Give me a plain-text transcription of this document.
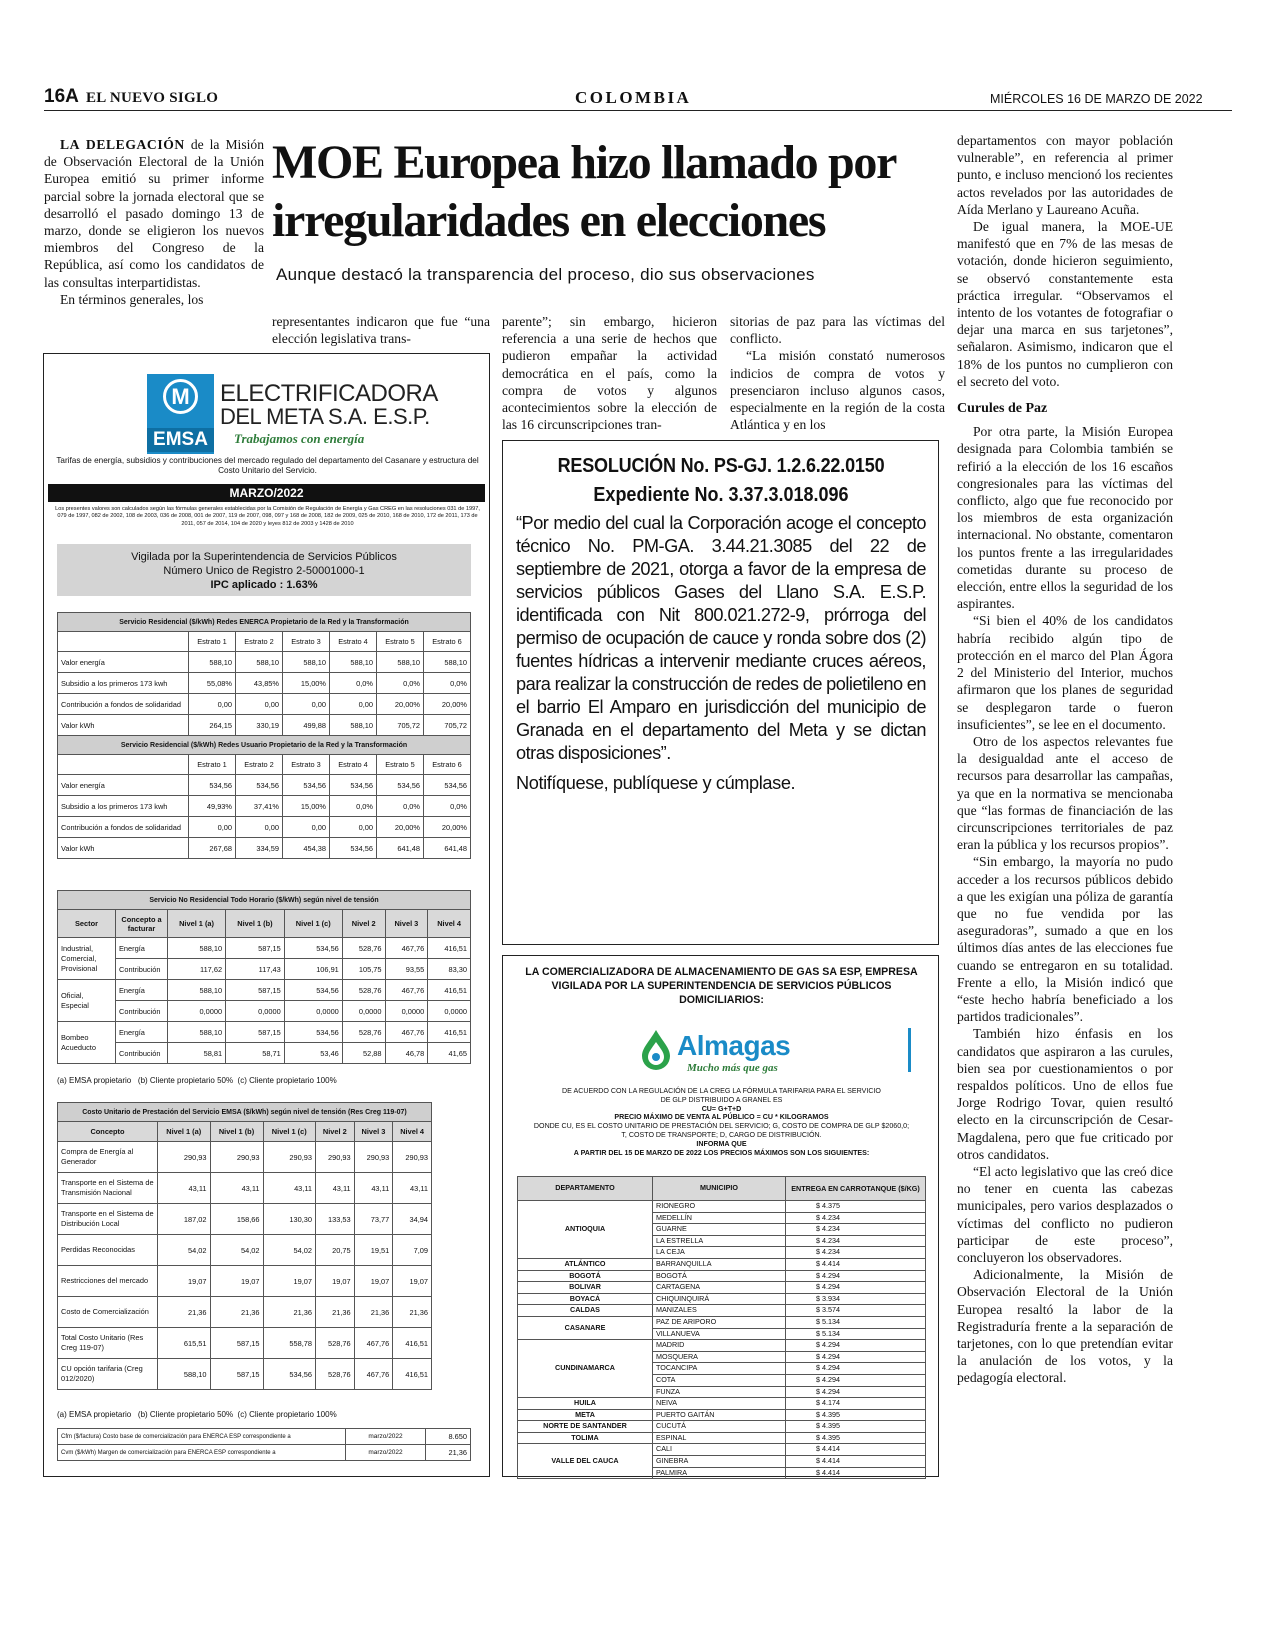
16A EL NUEVO SIGLO	COLOMBIA	MIÉRCOLES 16 DE MARZO DE 2022

LA DELEGACIÓN de la Misión de Observación Electoral de la Unión Europea emitió su primer informe parcial sobre la jornada electoral que se desarrolló el pasado domingo 13 de marzo, donde se eligieron los nuevos miembros del Congreso de la República, así como los candidatos de las consultas interpartidistas.

En términos generales, los

MOE Europea hizo llamado por
irregularidades en elecciones
Aunque destacó la transparencia del proceso, dio sus observaciones

representantes indicaron que fue “una elección legislativa trans-

parente”; sin embargo, hicieron referencia a una serie de hechos que pudieron empañar la actividad democrática en el país, como la compra de votos y algunos acontecimientos sobre la elección de las 16 circunscripciones tran-

sitorias de paz para las víctimas del conflicto.

“La misión constató numerosos indicios de compra de votos y presenciaron incluso algunos casos, especialmente en la región de la costa Atlántica y en los

departamentos con mayor población vulnerable”, en referencia al primer punto, e incluso mencionó los recientes actos revelados por las autoridades de Aída Merlano y Laureano Acuña.

De igual manera, la MOE-UE manifestó que en 7% de las mesas de votación, donde hicieron seguimiento, se observó constantemente esta práctica irregular. “Observamos el intento de los votantes de fotografiar o dejar una marca en sus tarjetones”, señalaron. Asimismo, indicaron que el 18% de los puntos no cumplieron con el secreto del voto.

Curules de Paz

Por otra parte, la Misión Europea designada para Colombia también se refirió a la elección de los 16 escaños congresionales para las víctimas del conflicto, algo que fue reconocido por los miembros de esta organización internacional. No obstante, comentaron los puntos frente a las irregularidades cometidas durante su proceso de elección, entre ellos la seguridad de los aspirantes.

“Si bien el 40% de los candidatos habría recibido algún tipo de protección en el marco del Plan Ágora 2 del Ministerio del Interior, muchos afirmaron que los planes de seguridad se desplegaron tarde o fueron insuficientes”, se lee en el documento.

Otro de los aspectos relevantes fue la desigualdad ante el acceso de recursos para desarrollar las campañas, ya que en la normativa se mencionaba que “las formas de financiación de las circunscripciones territoriales de paz eran la pública y los recursos propios”.

“Sin embargo, la mayoría no pudo acceder a los recursos públicos debido a que les exigían una póliza de garantía que no fue vendida por las aseguradoras”, sumado a que en los últimos días antes de las elecciones fue cuando se entregaron en su totalidad. Frente a ello, la Misión indicó que “este hecho habría beneficiado a los partidos tradicionales”.

También hizo énfasis en los candidatos que aspiraron a las curules, bien sea por cuestionamientos o por respaldos políticos. Uno de ellos fue Jorge Rodrigo Tovar, quien resultó electo en la circunscripción de Cesar-Magdalena, pero que fue criticado por otros candidatos.

“El acto legislativo que las creó dice no tener en cuenta las cabezas municipales, pero varios desplazados o víctimas del conflicto no pudieron participar de este proceso”, concluyeron los observadores.

Adicionalmente, la Misión de Observación Electoral de la Unión Europea resaltó la labor de la Registraduría frente a la separación de tarjetones, con lo que pretendían evitar la anulación de los votos, y la pedagogía electoral.

M
EMSA
ELECTRIFICADORA
DEL META S.A. E.S.P.
Trabajamos con energía
Tarifas de energía, subsidios y contribuciones del mercado regulado del departamento del Casanare y estructura del Costo Unitario del Servicio.
MARZO/2022
Los presentes valores son calculados según las fórmulas generales establecidas por la Comisión de Regulación de Energía y Gas CREG en las resoluciones 031 de 1997, 079 de 1997, 082 de 2002, 108 de 2003, 036 de 2008, 001 de 2007, 119 de 2007, 098, 097 y 168 de 2008, 182 de 2009, 025 de 2010, 168 de 2010, 172 de 2011, 173 de 2011, 057 de 2014, 104 de 2020 y leyes 812 de 2003 y 1428 de 2010
Vigilada por la Superintendencia de Servicios Públicos
Número Unico de Registro 2-50001000-1
IPC aplicado : 1.63%
Servicio Residencial ($/kWh) Redes ENERCA Propietario de la Red y la Transformación						
	Estrato 1	Estrato 2	Estrato 3	Estrato 4	Estrato 5	Estrato 6
Valor energía	588,10	588,10	588,10	588,10	588,10	588,10
Subsidio a los primeros 173 kwh	55,08%	43,85%	15,00%	0,0%	0,0%	0,0%
Contribución a fondos de solidaridad	0,00	0,00	0,00	0,00	20,00%	20,00%
Valor kWh	264,15	330,19	499,88	588,10	705,72	705,72
Servicio Residencial ($/kWh) Redes Usuario Propietario de la Red y la Transformación						
	Estrato 1	Estrato 2	Estrato 3	Estrato 4	Estrato 5	Estrato 6
Valor energía	534,56	534,56	534,56	534,56	534,56	534,56
Subsidio a los primeros 173 kwh	49,93%	37,41%	15,00%	0,0%	0,0%	0,0%
Contribución a fondos de solidaridad	0,00	0,00	0,00	0,00	20,00%	20,00%
Valor kWh	267,68	334,59	454,38	534,56	641,48	641,48
Servicio No Residencial Todo Horario ($/kWh) según nivel de tensión							
Sector	Concepto a facturar	Nivel 1 (a)	Nivel 1 (b)	Nivel 1 (c)	Nivel 2	Nivel 3	Nivel 4
Industrial, Comercial, Provisional	Energía	588,10	587,15	534,56	528,76	467,76	416,51
	Contribución	117,62	117,43	106,91	105,75	93,55	83,30
Oficial, Especial	Energía	588,10	587,15	534,56	528,76	467,76	416,51
	Contribución	0,0000	0,0000	0,0000	0,0000	0,0000	0,0000
Bombeo Acueducto	Energía	588,10	587,15	534,56	528,76	467,76	416,51
	Contribución	58,81	58,71	53,46	52,88	46,78	41,65
(a) EMSA propietario   (b) Cliente propietario 50%  (c) Cliente propietario 100%
Costo Unitario de Prestación del Servicio EMSA ($/kWh) según nivel de tensión (Res Creg 119-07)						
Concepto	Nivel 1 (a)	Nivel 1 (b)	Nivel 1 (c)	Nivel 2	Nivel 3	Nivel 4
Compra de Energía al Generador	290,93	290,93	290,93	290,93	290,93	290,93
Transporte en el Sistema de Transmisión Nacional	43,11	43,11	43,11	43,11	43,11	43,11
Transporte en el Sistema de Distribución Local	187,02	158,66	130,30	133,53	73,77	34,94
Perdidas Reconocidas	54,02	54,02	54,02	20,75	19,51	7,09
Restricciones del mercado	19,07	19,07	19,07	19,07	19,07	19,07
Costo de Comercialización	21,36	21,36	21,36	21,36	21,36	21,36
Total Costo Unitario (Res Creg 119-07)	615,51	587,15	558,78	528,76	467,76	416,51
CU opción tarifaria (Creg 012/2020)	588,10	587,15	534,56	528,76	467,76	416,51
(a) EMSA propietario   (b) Cliente propietario 50%  (c) Cliente propietario 100%
Cfm ($/factura) Costo base de comercialización para ENERCA ESP correspondiente a	marzo/2022	8.650
Cvm ($/kWh) Margen de comercialización para ENERCA ESP correspondiente a	marzo/2022	21,36
RESOLUCIÓN No. PS-GJ. 1.2.6.22.0150
Expediente No. 3.37.3.018.096
“Por medio del cual la Corporación acoge el concepto técnico No. PM-GA. 3.44.21.3085 del 22 de septiembre de 2021, otorga a favor de la empresa de servicios públicos Gases del Llano S.A. E.S.P. identificada con Nit 800.021.272-9, prórroga del permiso de ocupación de cauce y ronda sobre dos (2) fuentes hídricas a intervenir mediante cruces aéreos, para realizar la construcción de redes de polietileno en el barrio El Amparo en jurisdicción del municipio de Granada en el departamento del Meta y se dictan otras disposiciones”.
Notifíquese, publíquese y cúmplase.
LA COMERCIALIZADORA DE ALMACENAMIENTO DE GAS SA ESP, EMPRESA VIGILADA POR LA SUPERINTENDENCIA DE SERVICIOS PÚBLICOS DOMICILIARIOS:
Almagas
Mucho más que gas
DE ACUERDO CON LA REGULACIÓN DE LA CREG LA FÓRMULA TARIFARIA PARA EL SERVICIO
DE GLP DISTRIBUIDO A GRANEL ES
CU= G+T+D
PRECIO MÁXIMO DE VENTA AL PÚBLICO = CU * KILOGRAMOS
DONDE CU, ES EL COSTO UNITARIO DE PRESTACIÓN DEL SERVICIO; G, COSTO DE COMPRA DE GLP $2060,0;
T, COSTO DE TRANSPORTE; D, CARGO DE DISTRIBUCIÓN.
INFORMA QUE
A PARTIR DEL 15 DE MARZO DE 2022 LOS PRECIOS MÁXIMOS SON LOS SIGUIENTES:
DEPARTAMENTO	MUNICIPIO	ENTREGA EN CARROTANQUE ($/KG)
ANTIOQUIA	RIONEGRO	$ 4.375
	MEDELLÍN	$ 4.234
	GUARNE	$ 4.234
	LA ESTRELLA	$ 4.234
	LA CEJA	$ 4.234
ATLÁNTICO	BARRANQUILLA	$ 4.414
BOGOTÁ	BOGOTÁ	$ 4.294
BOLIVAR	CARTAGENA	$ 4.294
BOYACÁ	CHIQUINQUIRÁ	$ 3.934
CALDAS	MANIZALES	$ 3.574
CASANARE	PAZ DE ARIPORO	$ 5.134
	VILLANUEVA	$ 5.134
CUNDINAMARCA	MADRID	$ 4.294
	MOSQUERA	$ 4.294
	TOCANCIPA	$ 4.294
	COTA	$ 4.294
	FUNZA	$ 4.294
HUILA	NEIVA	$ 4.174
META	PUERTO GAITÁN	$ 4.395
NORTE DE SANTANDER	CUCUTÁ	$ 4.395
TOLIMA	ESPINAL	$ 4.395
VALLE DEL CAUCA	CALI	$ 4.414
	GINEBRA	$ 4.414
	PALMIRA	$ 4.414
